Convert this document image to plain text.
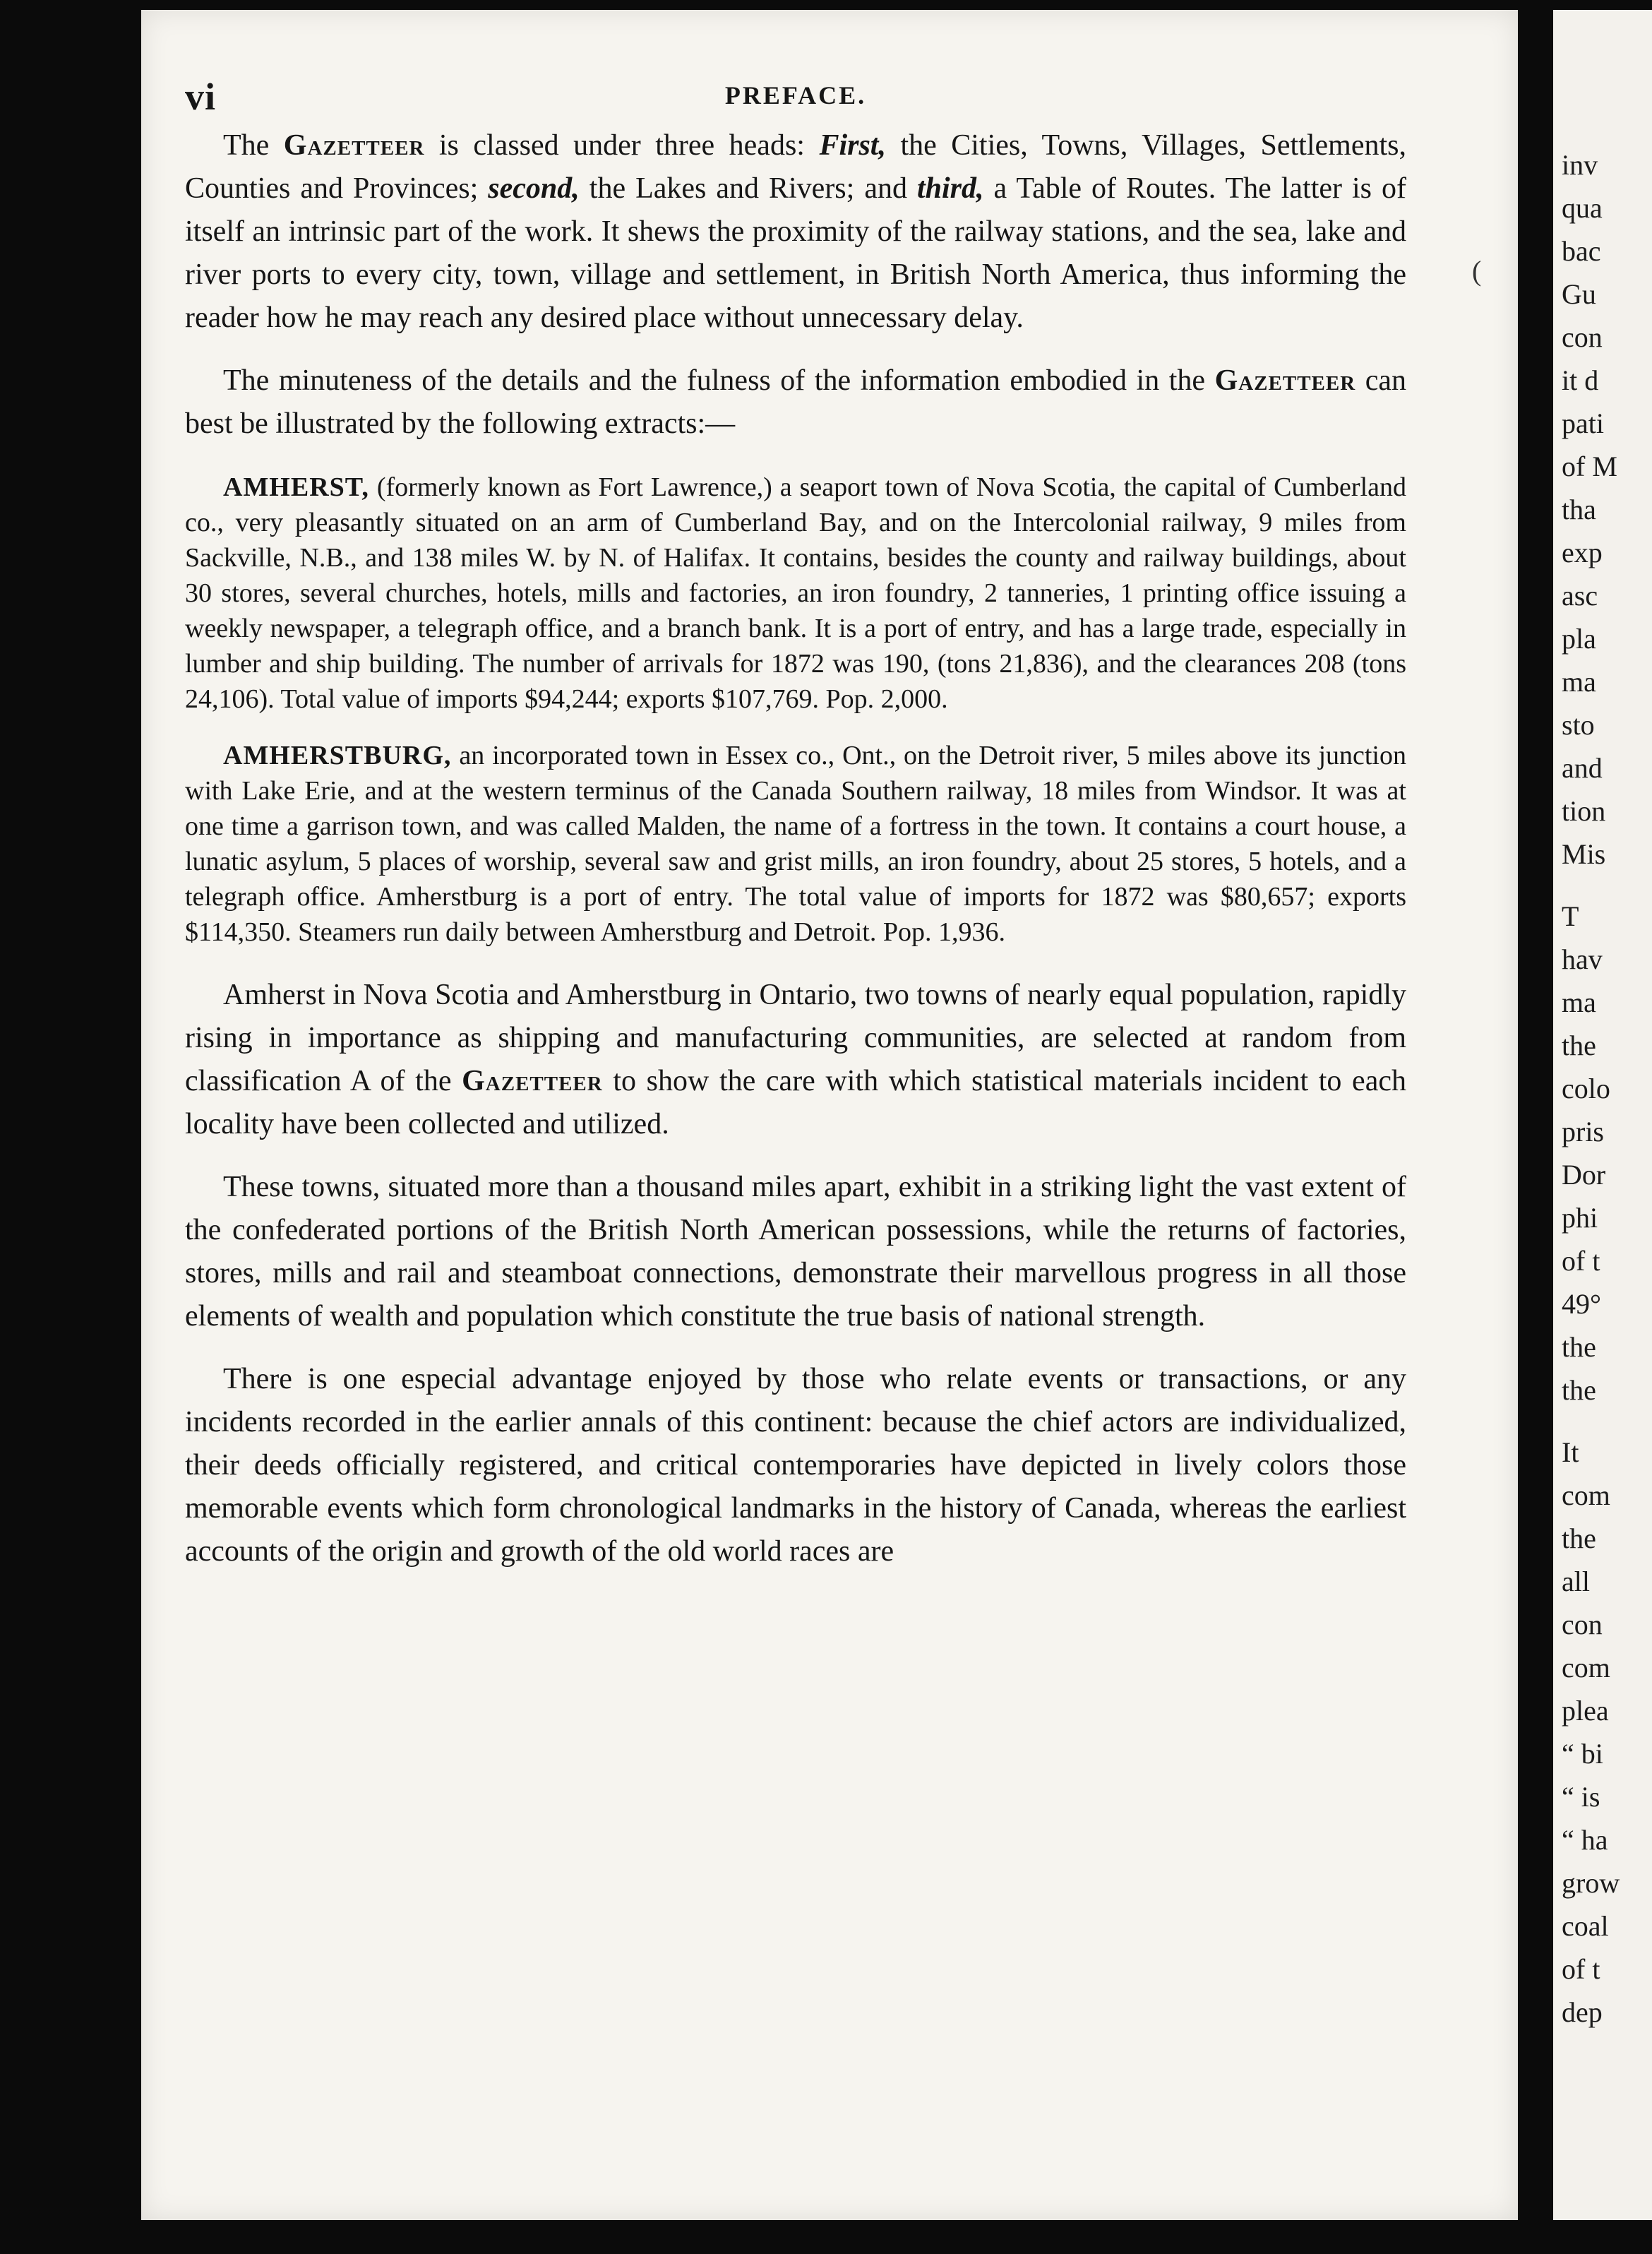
vi	PREFACE.

The Gazetteer is classed under three heads: First, the Cities, Towns, Villages, Settlements, Counties and Provinces; second, the Lakes and Rivers; and third, a Table of Routes. The latter is of itself an intrinsic part of the work. It shews the proximity of the railway stations, and the sea, lake and river ports to every city, town, village and settlement, in British North America, thus informing the reader how he may reach any desired place without unnecessary delay.

The minuteness of the details and the fulness of the information embodied in the Gazetteer can best be illustrated by the following extracts:—

AMHERST, (formerly known as Fort Lawrence,) a seaport town of Nova Scotia, the capital of Cumberland co., very pleasantly situated on an arm of Cumberland Bay, and on the Intercolonial railway, 9 miles from Sackville, N.B., and 138 miles W. by N. of Halifax. It contains, besides the county and railway buildings, about 30 stores, several churches, hotels, mills and factories, an iron foundry, 2 tanneries, 1 printing office issuing a weekly newspaper, a telegraph office, and a branch bank. It is a port of entry, and has a large trade, especially in lumber and ship building. The number of arrivals for 1872 was 190, (tons 21,836), and the clearances 208 (tons 24,106). Total value of imports $94,244; exports $107,769. Pop. 2,000.

AMHERSTBURG, an incorporated town in Essex co., Ont., on the Detroit river, 5 miles above its junction with Lake Erie, and at the western terminus of the Canada Southern railway, 18 miles from Windsor. It was at one time a garrison town, and was called Malden, the name of a fortress in the town. It contains a court house, a lunatic asylum, 5 places of worship, several saw and grist mills, an iron foundry, about 25 stores, 5 hotels, and a telegraph office. Amherstburg is a port of entry. The total value of imports for 1872 was $80,657; exports $114,350. Steamers run daily between Amherstburg and Detroit. Pop. 1,936.

Amherst in Nova Scotia and Amherstburg in Ontario, two towns of nearly equal population, rapidly rising in importance as shipping and manufacturing communities, are selected at random from classification A of the Gazetteer to show the care with which statistical materials incident to each locality have been collected and utilized.

These towns, situated more than a thousand miles apart, exhibit in a striking light the vast extent of the confederated portions of the British North American possessions, while the returns of factories, stores, mills and rail and steamboat connections, demonstrate their marvellous progress in all those elements of wealth and population which constitute the true basis of national strength.

There is one especial advantage enjoyed by those who relate events or transactions, or any incidents recorded in the earlier annals of this continent: because the chief actors are individualized, their deeds officially registered, and critical contemporaries have depicted in lively colors those memorable events which form chronological landmarks in the history of Canada, whereas the earliest accounts of the origin and growth of the old world races are

(
inv
qua
bac
Gu
con
it d
pati
of M
tha
exp
asc
pla
ma
sto
and
tion
Mis
T
hav
ma
the
colo
pris
Dor
phi
of t
49°
the
the
It
com
the
all
con
com
plea
“ bi
“ is
“ ha
grow
coal
of t
dep
